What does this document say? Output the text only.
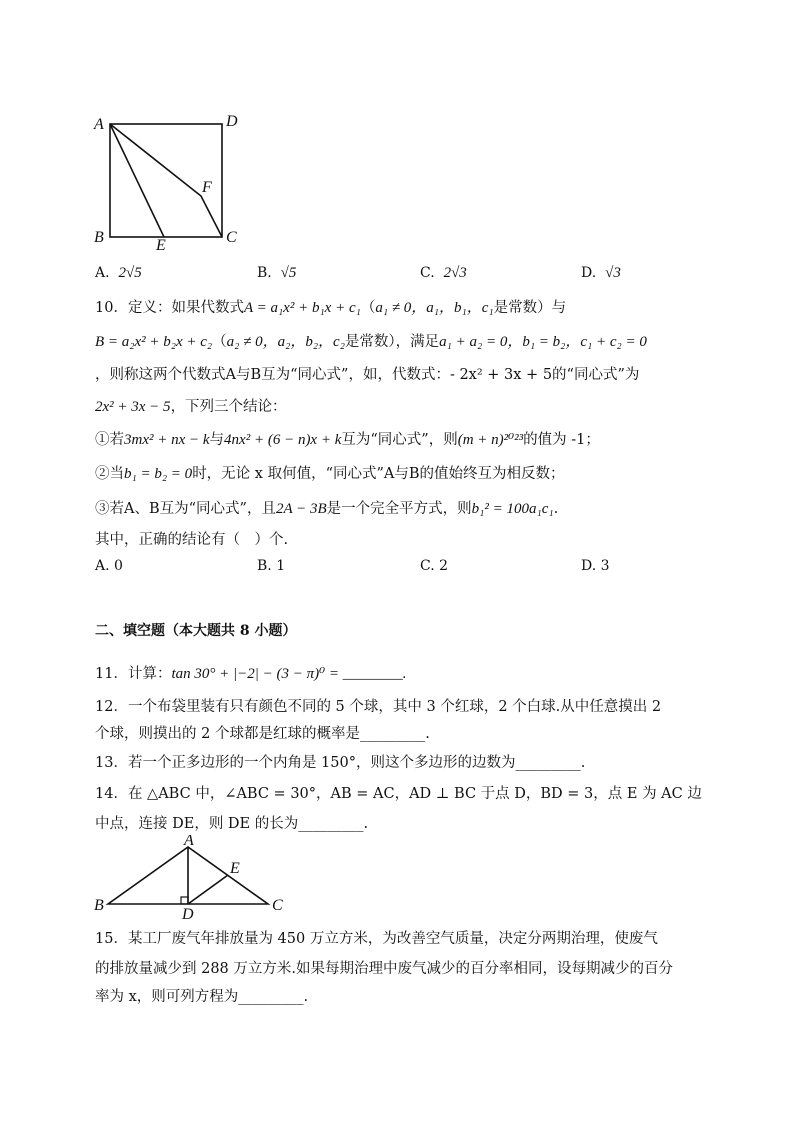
A	D
B	C
E
F
A. 2√5	B. √5	C. 2√3	D. √3
10．定义：如果代数式A = a₁x² + b₁x + c₁（a₁ ≠ 0，a₁，b₁，c₁是常数）与
B = a₂x² + b₂x + c₂（a₂ ≠ 0，a₂，b₂，c₂是常数），满足a₁ + a₂ = 0，b₁ = b₂，c₁ + c₂ = 0
，则称这两个代数式A与B互为“同心式”，如，代数式：- 2x² + 3x + 5的“同心式”为
2x² + 3x − 5，下列三个结论：
①若3mx² + nx − k与4nx² + (6 − n)x + k互为“同心式”，则(m + n)²⁰²³的值为 -1；
②当b₁ = b₂ = 0时，无论 x 取何值，“同心式”A与B的值始终互为相反数；
③若A、B互为“同心式”，且2A − 3B是一个完全平方式，则b₁² = 100a₁c₁.
其中，正确的结论有（　）个.
A. 0	B. 1	C. 2	D. 3
二、填空题（本大题共 8 小题）
11．计算：tan 30° + |−2| − (3 − π)⁰ = ________.
12．一个布袋里装有只有颜色不同的 5 个球，其中 3 个红球，2 个白球.从中任意摸出 2
个球，则摸出的 2 个球都是红球的概率是_________.
13．若一个正多边形的一个内角是 150°，则这个多边形的边数为_________.
14．在 △ABC 中，∠ABC = 30°，AB = AC，AD ⊥ BC 于点 D，BD = 3，点 E 为 AC 边
中点，连接 DE，则 DE 的长为_________.
A
B	C
D
E
15．某工厂废气年排放量为 450 万立方米，为改善空气质量，决定分两期治理，使废气
的排放量减少到 288 万立方米.如果每期治理中废气减少的百分率相同，设每期减少的百分
率为 x，则可列方程为_________.
